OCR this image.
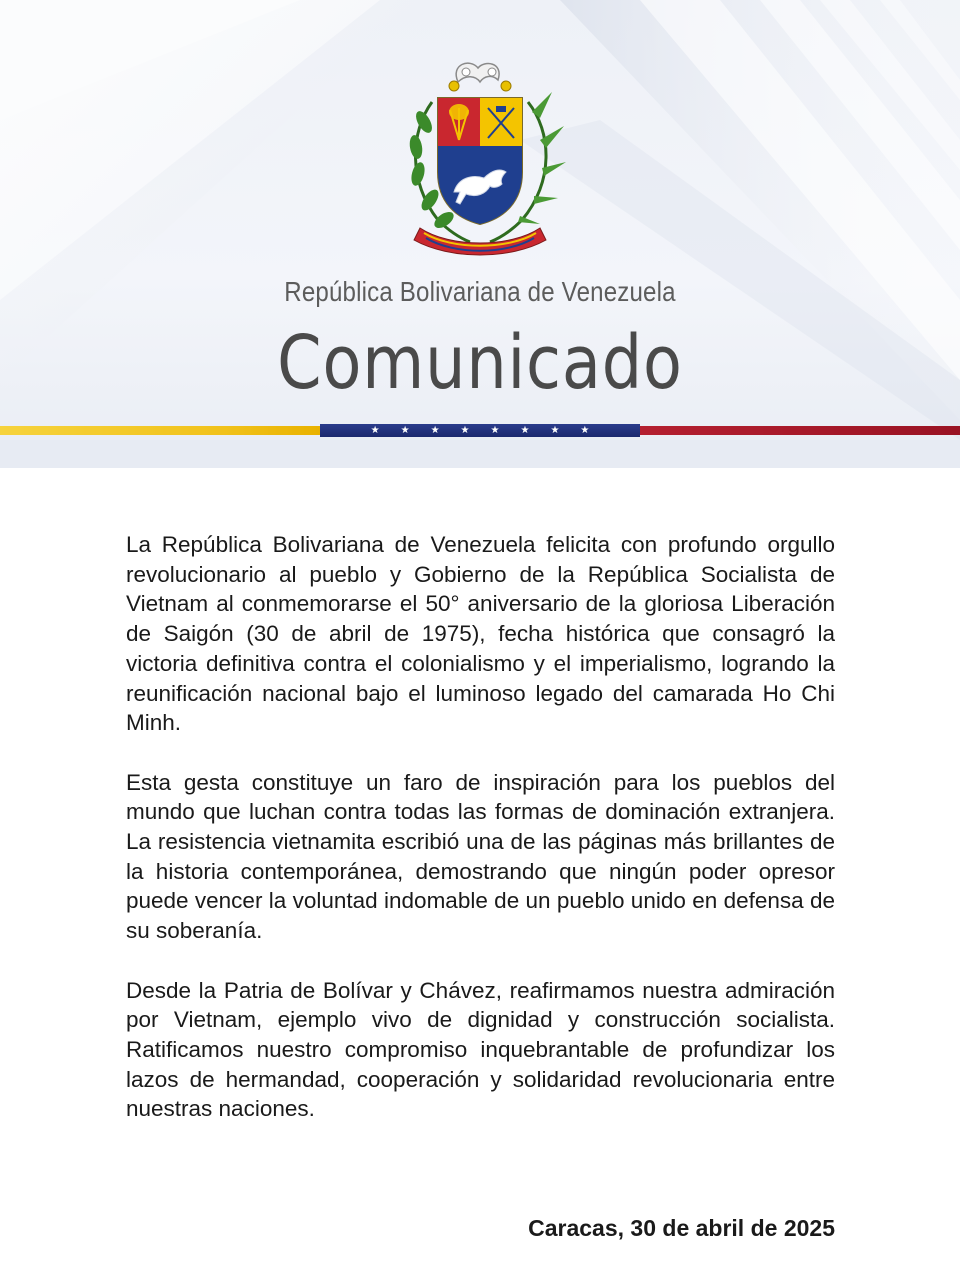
República Bolivariana de Venezuela
Comunicado
★ ★ ★ ★ ★ ★ ★ ★

La República Bolivariana de Venezuela felicita con profundo orgullo revolucionario al pueblo y Gobierno de la República Socialista de Vietnam al conmemorarse el 50° aniversario de la gloriosa Liberación de Saigón (30 de abril de 1975), fecha histórica que consagró la victoria definitiva contra el colonialismo y el imperialismo, logrando la reunificación nacional bajo el luminoso legado del camarada Ho Chi Minh.

Esta gesta constituye un faro de inspiración para los pueblos del mundo que luchan contra todas las formas de dominación extranjera. La resistencia vietnamita escribió una de las páginas más brillantes de la historia contemporánea, demostrando que ningún poder opresor puede vencer la voluntad indomable de un pueblo unido en defensa de su soberanía.

Desde la Patria de Bolívar y Chávez, reafirmamos nuestra admiración por Vietnam, ejemplo vivo de dignidad y construcción socialista. Ratificamos nuestro compromiso inquebrantable de profundizar los lazos de hermandad, cooperación y solidaridad revolucionaria entre nuestras naciones.

Caracas, 30 de abril de 2025
